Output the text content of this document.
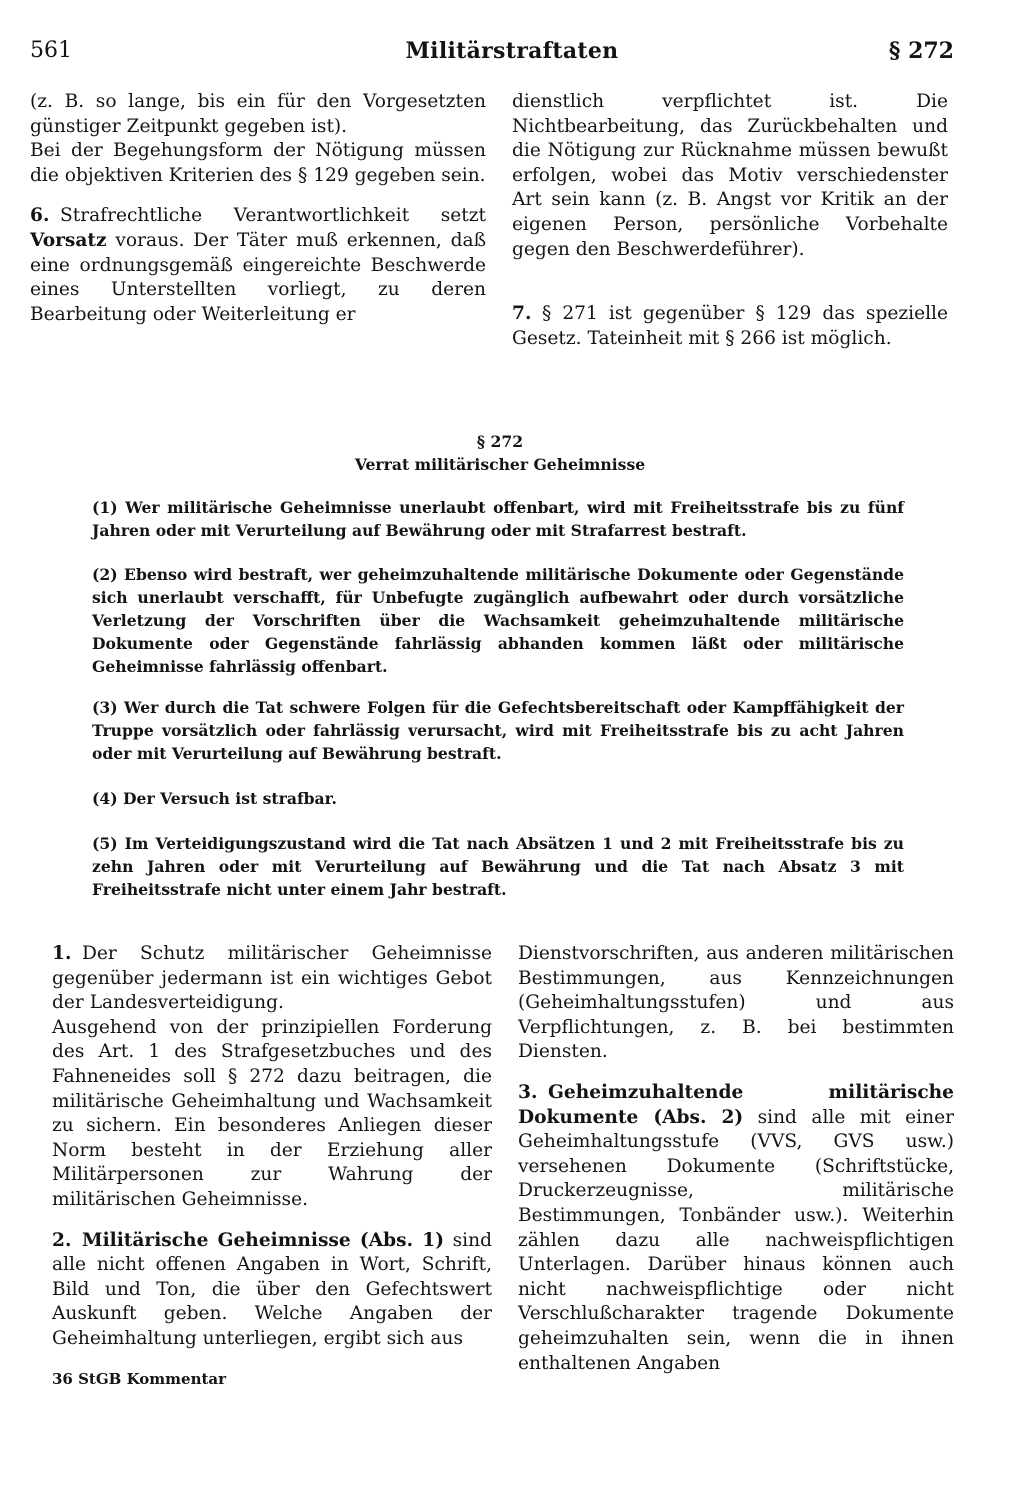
Militärstraftaten
561	§ 272

(z. B. so lange, bis ein für den Vorgesetzten günstiger Zeitpunkt gegeben ist).

Bei der Begehungsform der Nötigung müssen die objektiven Kriterien des § 129 gegeben sein.

6. Strafrechtliche Verantwortlichkeit setzt Vorsatz voraus. Der Täter muß erkennen, daß eine ordnungsgemäß eingereichte Beschwerde eines Unterstellten vorliegt, zu deren Bearbeitung oder Weiterleitung er

dienstlich verpflichtet ist. Die Nichtbearbeitung, das Zurückbehalten und die Nötigung zur Rücknahme müssen bewußt erfolgen, wobei das Motiv verschiedenster Art sein kann (z. B. Angst vor Kritik an der eigenen Person, persönliche Vorbehalte gegen den Beschwerdeführer).

7. § 271 ist gegenüber § 129 das spezielle Gesetz. Tateinheit mit § 266 ist möglich.

§ 272
Verrat militärischer Geheimnisse

(1) Wer militärische Geheimnisse unerlaubt offenbart, wird mit Freiheitsstrafe bis zu fünf Jahren oder mit Verurteilung auf Bewährung oder mit Strafarrest bestraft.

(2) Ebenso wird bestraft, wer geheimzuhaltende militärische Dokumente oder Gegenstände sich unerlaubt verschafft, für Unbefugte zugänglich aufbewahrt oder durch vorsätzliche Verletzung der Vorschriften über die Wachsamkeit geheimzuhaltende militärische Dokumente oder Gegenstände fahrlässig abhanden kommen läßt oder militärische Geheimnisse fahrlässig offenbart.

(3) Wer durch die Tat schwere Folgen für die Gefechtsbereitschaft oder Kampffähigkeit der Truppe vorsätzlich oder fahrlässig verursacht, wird mit Freiheitsstrafe bis zu acht Jahren oder mit Verurteilung auf Bewährung bestraft.

(4) Der Versuch ist strafbar.

(5) Im Verteidigungszustand wird die Tat nach Absätzen 1 und 2 mit Freiheitsstrafe bis zu zehn Jahren oder mit Verurteilung auf Bewährung und die Tat nach Absatz 3 mit Freiheitsstrafe nicht unter einem Jahr bestraft.

1. Der Schutz militärischer Geheimnisse gegenüber jedermann ist ein wichtiges Gebot der Landesverteidigung.

Ausgehend von der prinzipiellen Forderung des Art. 1 des Strafgesetzbuches und des Fahneneides soll § 272 dazu beitragen, die militärische Geheimhaltung und Wachsamkeit zu sichern. Ein besonderes Anliegen dieser Norm besteht in der Erziehung aller Militärpersonen zur Wahrung der militärischen Geheimnisse.

2. Militärische Geheimnisse (Abs. 1) sind alle nicht offenen Angaben in Wort, Schrift, Bild und Ton, die über den Gefechtswert Auskunft geben. Welche Angaben der Geheimhaltung unterliegen, ergibt sich aus

Dienstvorschriften, aus anderen militärischen Bestimmungen, aus Kennzeichnungen (Geheimhaltungsstufen) und aus Verpflichtungen, z. B. bei bestimmten Diensten.

3. Geheimzuhaltende militärische Dokumente (Abs. 2) sind alle mit einer Geheimhaltungsstufe (VVS, GVS usw.) versehenen Dokumente (Schriftstücke, Druckerzeugnisse, militärische Bestimmungen, Tonbänder usw.). Weiterhin zählen dazu alle nachweispflichtigen Unterlagen. Darüber hinaus können auch nicht nachweispflichtige oder nicht Verschlußcharakter tragende Dokumente geheimzuhalten sein, wenn die in ihnen enthaltenen Angaben

36 StGB Kommentar
